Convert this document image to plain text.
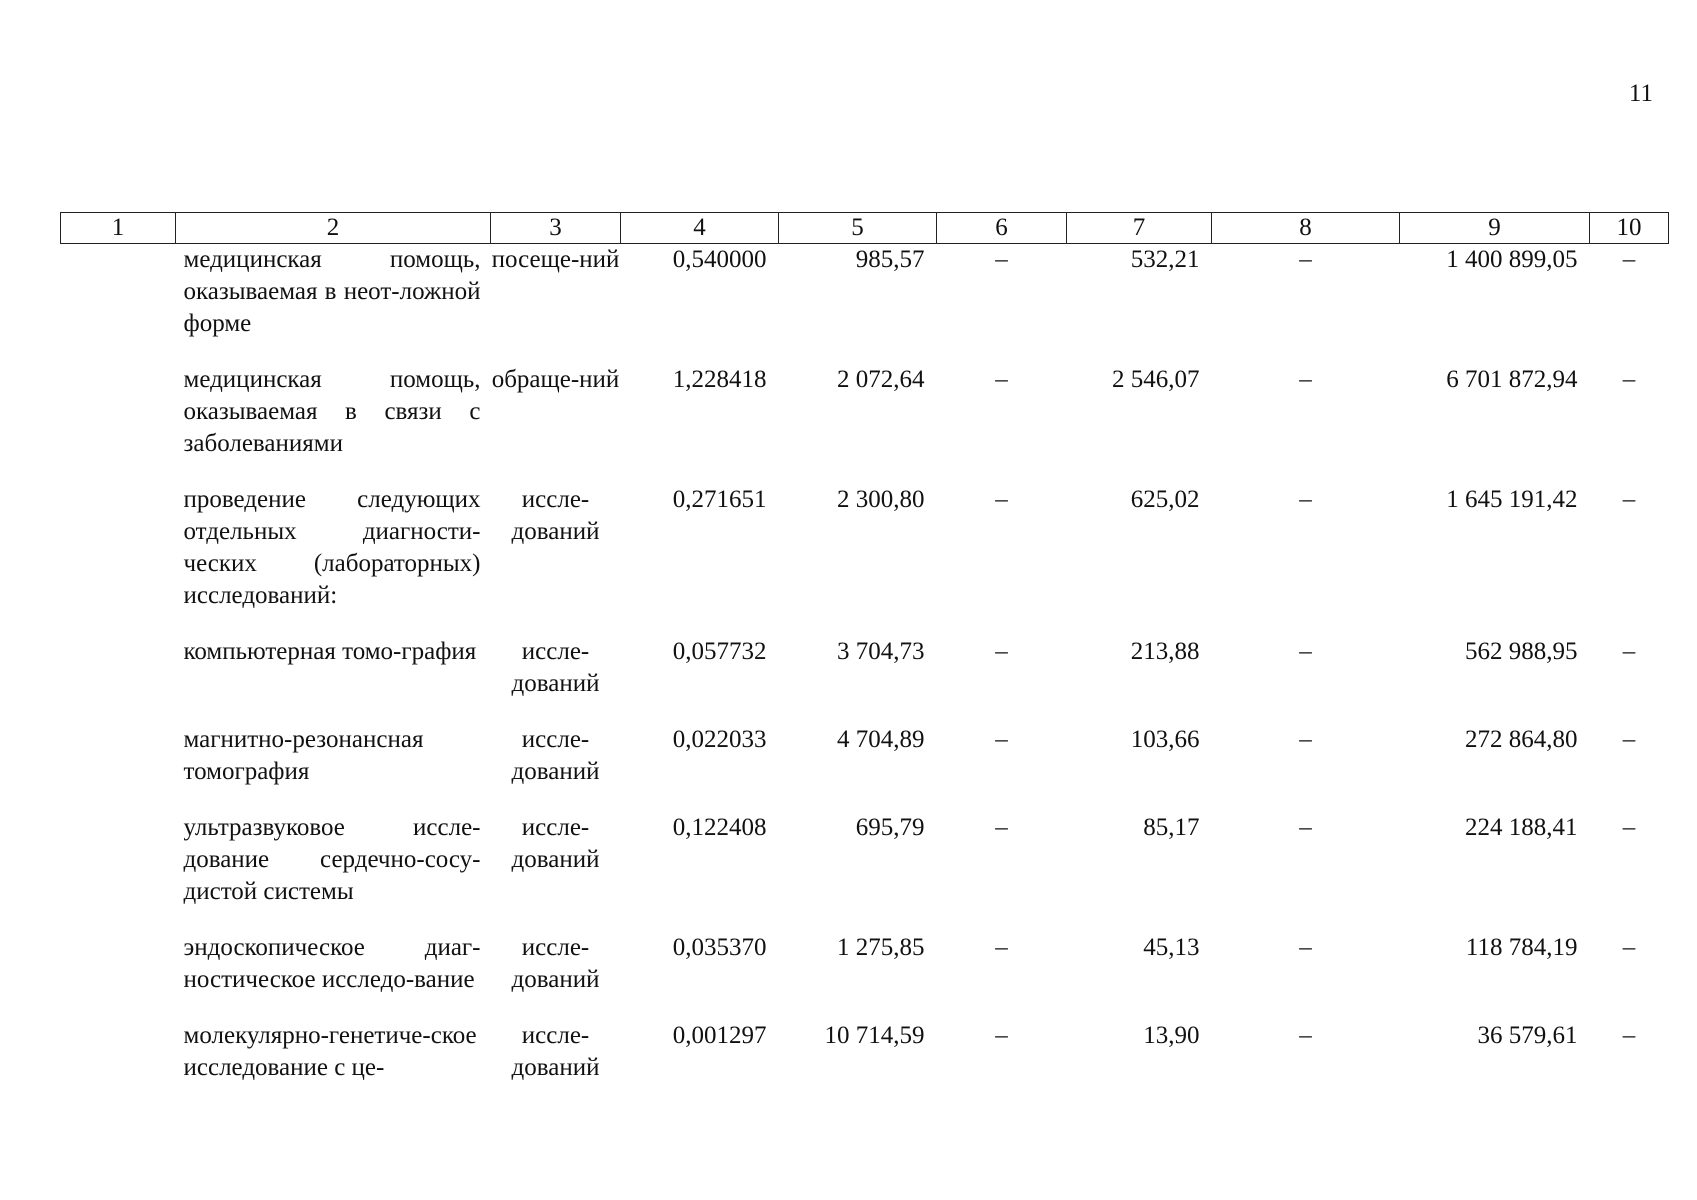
11
1	2	3	4	5	6	7	8	9	10
	медицинская помощь, оказываемая в неот-ложной форме	посеще-ний	0,540000	985,57	–	532,21	–	1 400 899,05	–
	медицинская помощь, оказываемая в связи с заболеваниями	обраще-ний	1,228418	2 072,64	–	2 546,07	–	6 701 872,94	–
	проведение следующих отдельных диагности-ческих (лабораторных) исследований:	иссле-дований	0,271651	2 300,80	–	625,02	–	1 645 191,42	–
	компьютерная томо-графия	иссле-дований	0,057732	3 704,73	–	213,88	–	562 988,95	–
	магнитно-резонансная томография	иссле-дований	0,022033	4 704,89	–	103,66	–	272 864,80	–
	ультразвуковое иссле-дование сердечно-сосу-дистой системы	иссле-дований	0,122408	695,79	–	85,17	–	224 188,41	–
	эндоскопическое диаг-ностическое исследо-вание	иссле-дований	0,035370	1 275,85	–	45,13	–	118 784,19	–
	молекулярно-генетиче-ское исследование с це-	иссле-дований	0,001297	10 714,59	–	13,90	–	36 579,61	–
